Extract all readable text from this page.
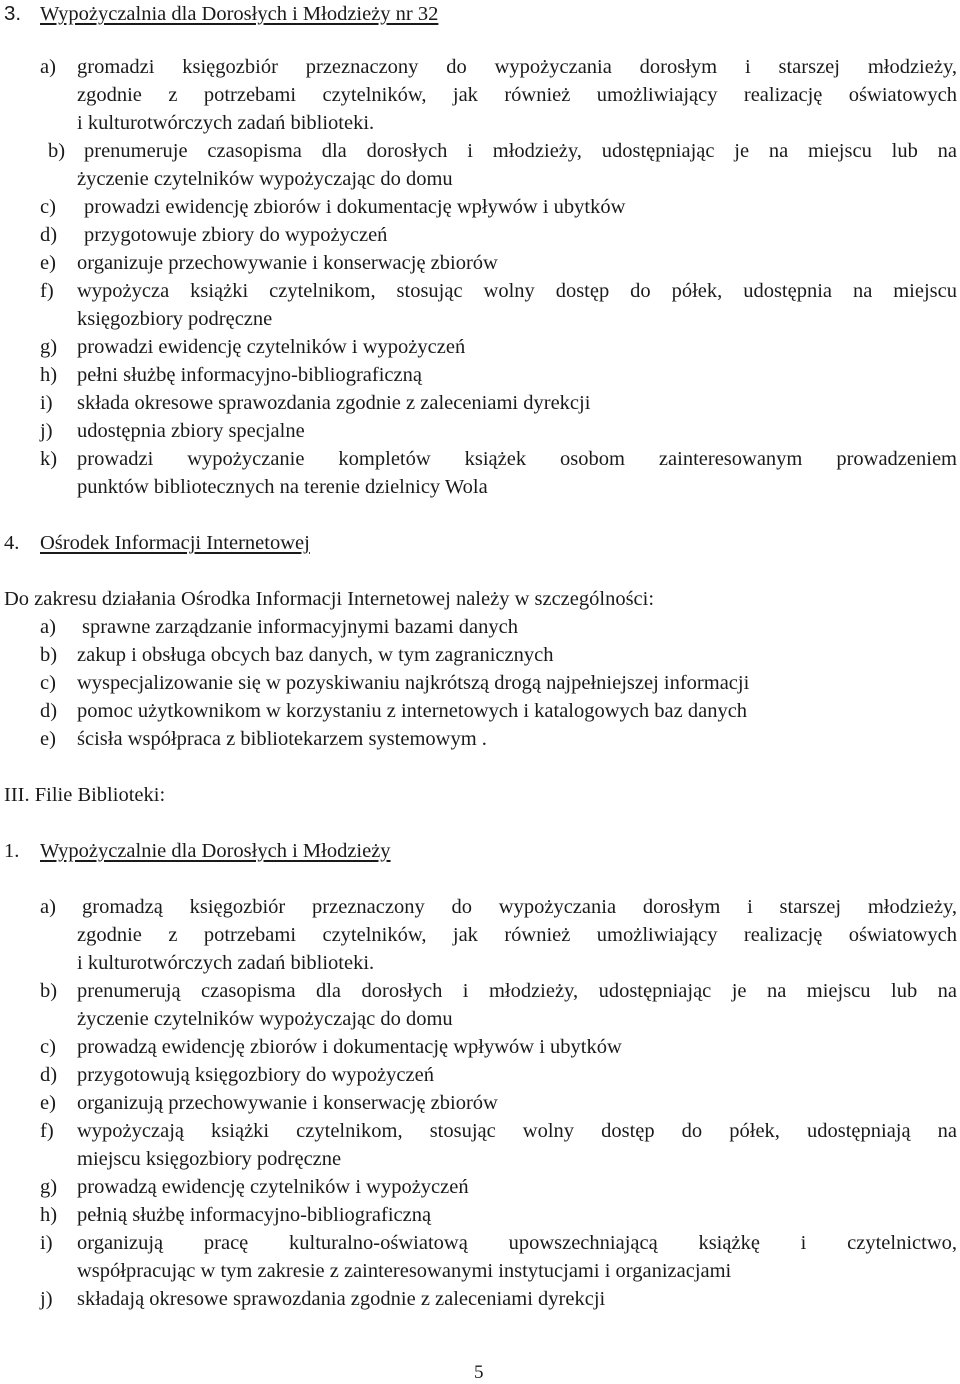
3. Wypożyczalnia dla Dorosłych i Młodzieży nr 32
a) gromadzi księgozbiór przeznaczony do wypożyczania dorosłym i starszej młodzieży,
zgodnie z potrzebami czytelników, jak również umożliwiający realizację oświatowych
i kulturotwórczych zadań biblioteki.
b) prenumeruje czasopisma dla dorosłych i młodzieży, udostępniając je na miejscu lub na
życzenie czytelników wypożyczając do domu
c) prowadzi ewidencję zbiorów i dokumentację wpływów i ubytków
d) przygotowuje zbiory do wypożyczeń
e) organizuje przechowywanie i konserwację zbiorów
f) wypożycza książki czytelnikom, stosując wolny dostęp do półek, udostępnia na miejscu
księgozbiory podręczne
g) prowadzi ewidencję czytelników i wypożyczeń
h) pełni służbę informacyjno-bibliograficzną
i) składa okresowe sprawozdania zgodnie z zaleceniami dyrekcji
j) udostępnia zbiory specjalne
k) prowadzi wypożyczanie kompletów książek osobom zainteresowanym prowadzeniem
punktów bibliotecznych na terenie dzielnicy Wola
4. Ośrodek Informacji Internetowej
Do zakresu działania Ośrodka Informacji Internetowej należy w szczególności:
a) sprawne zarządzanie informacyjnymi bazami danych
b) zakup i obsługa obcych baz danych, w tym zagranicznych
c) wyspecjalizowanie się w pozyskiwaniu najkrótszą drogą najpełniejszej informacji
d) pomoc użytkownikom w korzystaniu z internetowych i katalogowych baz danych
e) ścisła współpraca z bibliotekarzem systemowym .
III. Filie Biblioteki:
1. Wypożyczalnie dla Dorosłych i Młodzieży
a) gromadzą księgozbiór przeznaczony do wypożyczania dorosłym i starszej młodzieży,
zgodnie z potrzebami czytelników, jak również umożliwiający realizację oświatowych
i kulturotwórczych zadań biblioteki.
b) prenumerują czasopisma dla dorosłych i młodzieży, udostępniając je na miejscu lub na
życzenie czytelników wypożyczając do domu
c) prowadzą ewidencję zbiorów i dokumentację wpływów i ubytków
d) przygotowują księgozbiory do wypożyczeń
e) organizują przechowywanie i konserwację zbiorów
f) wypożyczają książki czytelnikom, stosując wolny dostęp do półek, udostępniają na
miejscu księgozbiory podręczne
g) prowadzą ewidencję czytelników i wypożyczeń
h) pełnią służbę informacyjno-bibliograficzną
i) organizują pracę kulturalno-oświatową upowszechniającą książkę i czytelnictwo,
współpracując w tym zakresie z zainteresowanymi instytucjami i organizacjami
j) składają okresowe sprawozdania zgodnie z zaleceniami dyrekcji
5
